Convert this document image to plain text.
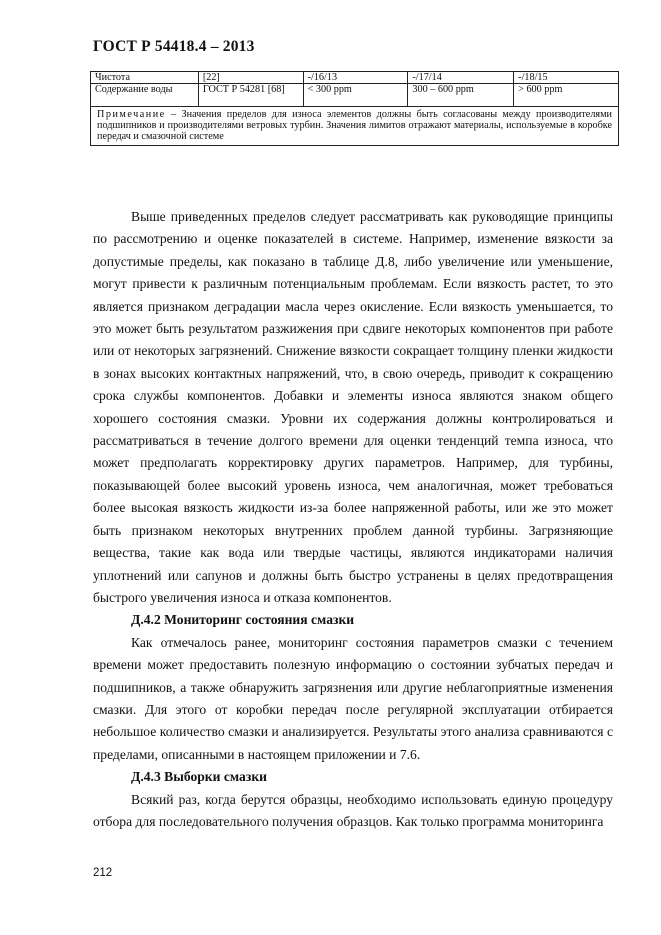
ГОСТ Р 54418.4 – 2013
Чистота	[22]	-/16/13	-/17/14	-/18/15
Содержание воды	ГОСТ Р 54281 [68]	< 300 ppm	300 – 600 ppm	> 600 ppm
Примечание – Значения пределов для износа элементов должны быть согласованы между производителями подшипников и производителями ветровых турбин. Значения лимитов отражают материалы, используемые в коробке передач и смазочной системе				

Выше приведенных пределов следует рассматривать как руководящие принципы по рассмотрению и оценке показателей в системе. Например, изменение вязкости за допустимые пределы, как показано в таблице Д.8, либо увеличение или уменьшение, могут привести к различным потенциальным проблемам. Если вязкость растет, то это является признаком деградации масла через окисление. Если вязкость уменьшается, то это может быть результатом разжижения при сдвиге некоторых компонентов при работе или от некоторых загрязнений. Снижение вязкости сокращает толщину пленки жидкости в зонах высоких контактных напряжений, что, в свою очередь, приводит к сокращению срока службы компонентов. Добавки и элементы износа являются знаком общего хорошего состояния смазки. Уровни их содержания должны контролироваться и рассматриваться в течение долгого времени для оценки тенденций темпа износа, что может предполагать корректировку других параметров. Например, для турбины, показывающей более высокий уровень износа, чем аналогичная, может требоваться более высокая вязкость жидкости из-за более напряженной работы, или же это может быть признаком некоторых внутренних проблем данной турбины. Загрязняющие вещества, такие как вода или твердые частицы, являются индикаторами наличия уплотнений или сапунов и должны быть быстро устранены в целях предотвращения быстрого увеличения износа и отказа компонентов.

Д.4.2 Мониторинг состояния смазки

Как отмечалось ранее, мониторинг состояния параметров смазки с течением времени может предоставить полезную информацию о состоянии зубчатых передач и подшипников, а также обнаружить загрязнения или другие неблагоприятные изменения смазки. Для этого от коробки передач после регулярной эксплуатации отбирается небольшое количество смазки и анализируется. Результаты этого анализа сравниваются с пределами, описанными в настоящем приложении и 7.6.

Д.4.3 Выборки смазки

Всякий раз, когда берутся образцы, необходимо использовать единую процедуру отбора для последовательного получения образцов. Как только программа мониторинга

212
